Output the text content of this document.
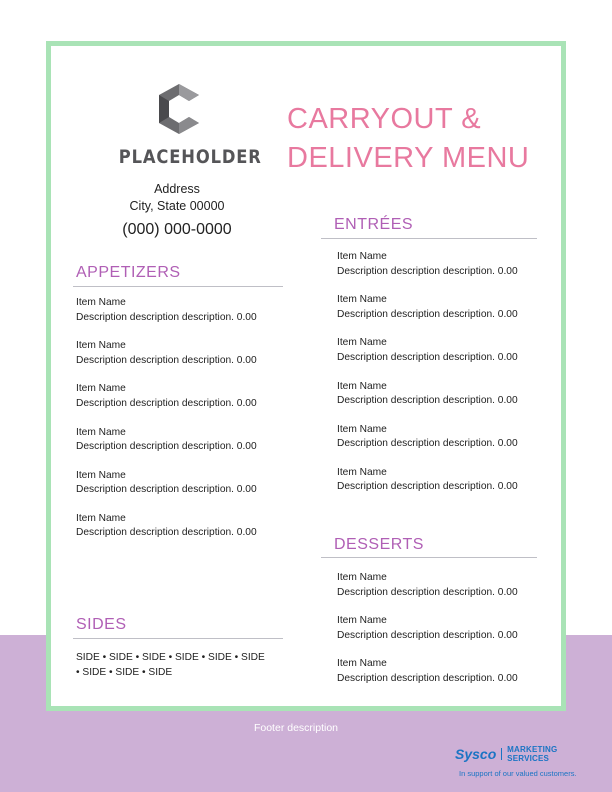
PLACEHOLDER
Address
City, State 00000
(000) 000-0000
CARRYOUT &
DELIVERY MENU
APPETIZERS
Item Name
Description description description. 0.00
Item Name
Description description description. 0.00
Item Name
Description description description. 0.00
Item Name
Description description description. 0.00
Item Name
Description description description. 0.00
Item Name
Description description description. 0.00
SIDES
SIDE • SIDE • SIDE • SIDE • SIDE • SIDE • SIDE • SIDE • SIDE
ENTRÉES
Item Name
Description description description. 0.00
Item Name
Description description description. 0.00
Item Name
Description description description. 0.00
Item Name
Description description description. 0.00
Item Name
Description description description. 0.00
Item Name
Description description description. 0.00
DESSERTS
Item Name
Description description description. 0.00
Item Name
Description description description. 0.00
Item Name
Description description description. 0.00
Footer description
Sysco MARKETING SERVICES
In support of our valued customers.
